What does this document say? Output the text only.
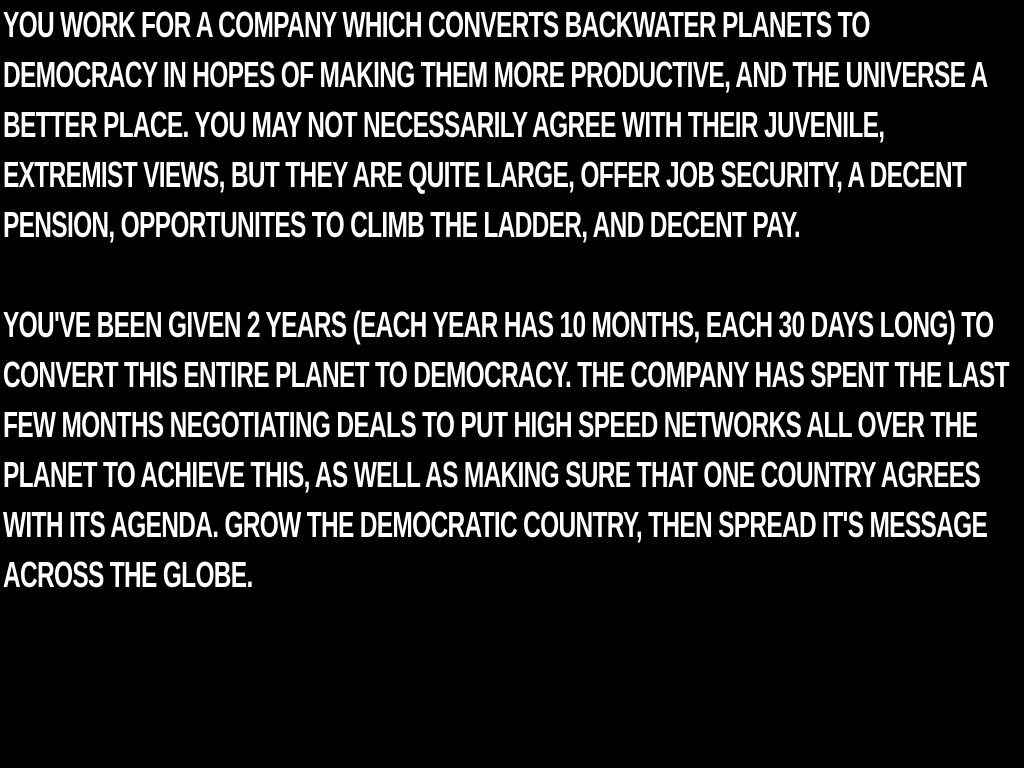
YOU WORK FOR A COMPANY WHICH CONVERTS BACKWATER PLANETS TO DEMOCRACY IN HOPES OF MAKING THEM MORE PRODUCTIVE, AND THE UNIVERSE A BETTER PLACE. YOU MAY NOT NECESSARILY AGREE WITH THEIR JUVENILE, EXTREMIST VIEWS, BUT THEY ARE QUITE LARGE, OFFER JOB SECURITY, A DECENT PENSION, OPPORTUNITES TO CLIMB THE LADDER, AND DECENT PAY.

YOU'VE BEEN GIVEN 2 YEARS (EACH YEAR HAS 10 MONTHS, EACH 30 DAYS LONG) TO CONVERT THIS ENTIRE PLANET TO DEMOCRACY. THE COMPANY HAS SPENT THE LAST FEW MONTHS NEGOTIATING DEALS TO PUT HIGH SPEED NETWORKS ALL OVER THE PLANET TO ACHIEVE THIS, AS WELL AS MAKING SURE THAT ONE COUNTRY AGREES WITH ITS AGENDA. GROW THE DEMOCRATIC COUNTRY, THEN SPREAD IT'S MESSAGE ACROSS THE GLOBE.
